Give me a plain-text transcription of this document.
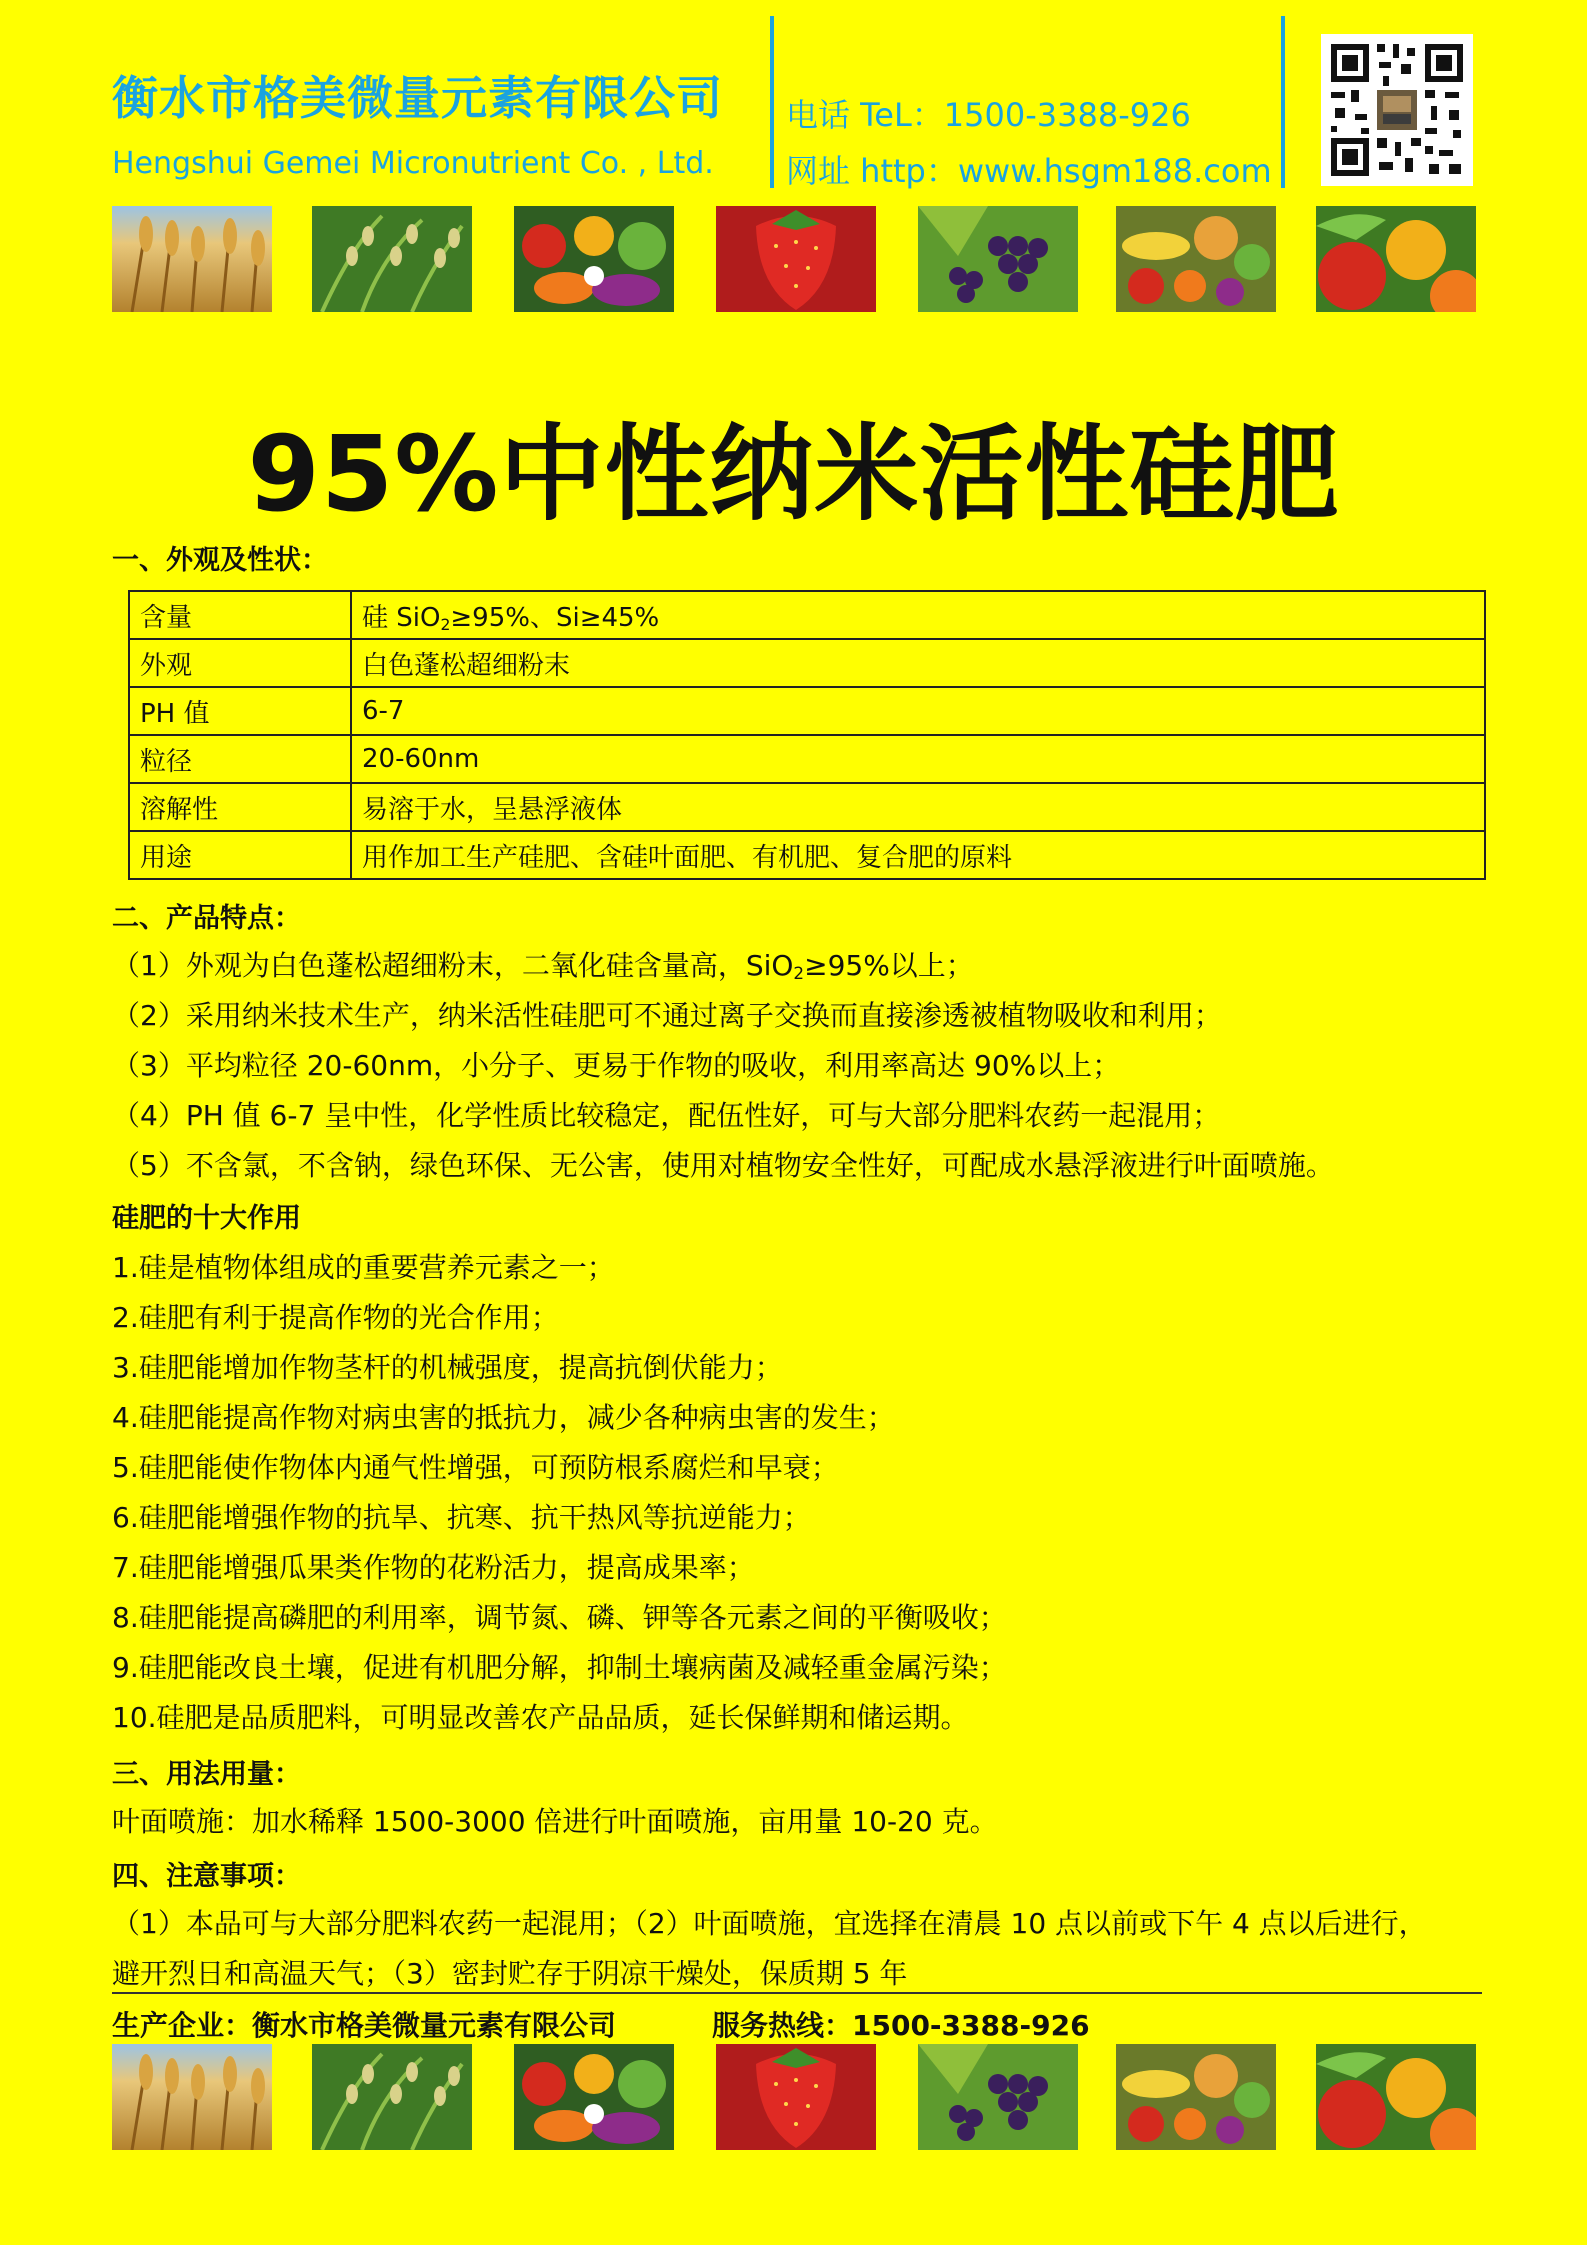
衡水市格美微量元素有限公司
Hengshui Gemei Micronutrient Co. , Ltd.
电话 TeL：1500-3388-926
网址 http：www.hsgm188.com
95%中性纳米活性硅肥
一、外观及性状：
含量	硅 SiO$_2$≥95%、Si≥45%
外观	白色蓬松超细粉末
PH 值	6-7
粒径	20-60nm
溶解性	易溶于水，呈悬浮液体
用途	用作加工生产硅肥、含硅叶面肥、有机肥、复合肥的原料
二、产品特点：
（1）外观为白色蓬松超细粉末，二氧化硅含量高，SiO$_2$≥95%以上；
（2）采用纳米技术生产，纳米活性硅肥可不通过离子交换而直接渗透被植物吸收和利用；
（3）平均粒径 20-60nm，小分子、更易于作物的吸收，利用率高达 90%以上；
（4）PH 值 6-7 呈中性，化学性质比较稳定，配伍性好，可与大部分肥料农药一起混用；
（5）不含氯，不含钠，绿色环保、无公害，使用对植物安全性好，可配成水悬浮液进行叶面喷施。
硅肥的十大作用
1.硅是植物体组成的重要营养元素之一；
2.硅肥有利于提高作物的光合作用；
3.硅肥能增加作物茎杆的机械强度，提高抗倒伏能力；
4.硅肥能提高作物对病虫害的抵抗力，减少各种病虫害的发生；
5.硅肥能使作物体内通气性增强，可预防根系腐烂和早衰；
6.硅肥能增强作物的抗旱、抗寒、抗干热风等抗逆能力；
7.硅肥能增强瓜果类作物的花粉活力，提高成果率；
8.硅肥能提高磷肥的利用率，调节氮、磷、钾等各元素之间的平衡吸收；
9.硅肥能改良土壤，促进有机肥分解，抑制土壤病菌及减轻重金属污染；
10.硅肥是品质肥料，可明显改善农产品品质，延长保鲜期和储运期。
三、用法用量：
叶面喷施：加水稀释 1500-3000 倍进行叶面喷施，亩用量 10-20 克。
四、注意事项：
（1）本品可与大部分肥料农药一起混用；（2）叶面喷施，宜选择在清晨 10 点以前或下午 4 点以后进行，
避开烈日和高温天气；（3）密封贮存于阴凉干燥处，保质期 5 年
生产企业：衡水市格美微量元素有限公司	服务热线：1500-3388-926
